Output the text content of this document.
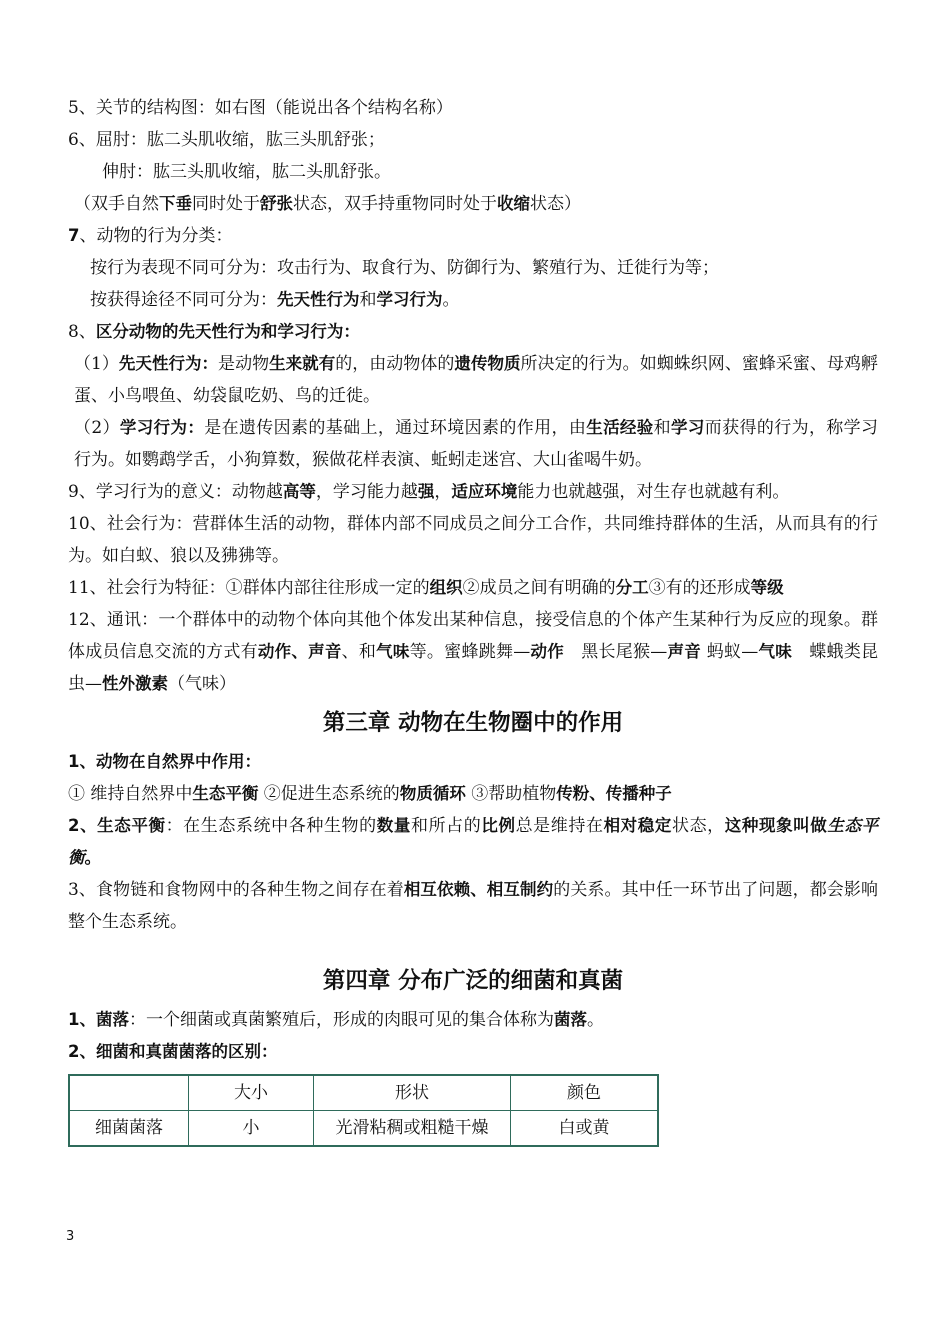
5、关节的结构图：如右图（能说出各个结构名称）
6、屈肘：肱二头肌收缩，肱三头肌舒张；
伸肘：肱三头肌收缩，肱二头肌舒张。
（双手自然下垂同时处于舒张状态，双手持重物同时处于收缩状态）
7、动物的行为分类：
按行为表现不同可分为：攻击行为、取食行为、防御行为、繁殖行为、迁徙行为等；
按获得途径不同可分为：先天性行为和学习行为。
8、区分动物的先天性行为和学习行为：
（1）先天性行为：是动物生来就有的，由动物体的遗传物质所决定的行为。如蜘蛛织网、蜜蜂采蜜、母鸡孵蛋、小鸟喂鱼、幼袋鼠吃奶、鸟的迁徙。
（2）学习行为：是在遗传因素的基础上，通过环境因素的作用，由生活经验和学习而获得的行为，称学习行为。如鹦鹉学舌，小狗算数，猴做花样表演、蚯蚓走迷宫、大山雀喝牛奶。
9、学习行为的意义：动物越高等，学习能力越强，适应环境能力也就越强，对生存也就越有利。
10、社会行为：营群体生活的动物，群体内部不同成员之间分工合作，共同维持群体的生活，从而具有的行为。如白蚁、狼以及狒狒等。
11、社会行为特征：①群体内部往往形成一定的组织②成员之间有明确的分工③有的还形成等级
12、通讯：一个群体中的动物个体向其他个体发出某种信息，接受信息的个体产生某种行为反应的现象。群体成员信息交流的方式有动作、声音、和气味等。蜜蜂跳舞—动作　黑长尾猴—声音 蚂蚁—气味　蝶蛾类昆虫—性外激素（气味）
第三章 动物在生物圈中的作用
1、动物在自然界中作用：
① 维持自然界中生态平衡 ②促进生态系统的物质循环 ③帮助植物传粉、传播种子
2、生态平衡：在生态系统中各种生物的数量和所占的比例总是维持在相对稳定状态，这种现象叫做生态平衡。
3、食物链和食物网中的各种生物之间存在着相互依赖、相互制约的关系。其中任一环节出了问题，都会影响整个生态系统。
第四章 分布广泛的细菌和真菌
1、菌落：一个细菌或真菌繁殖后，形成的肉眼可见的集合体称为菌落。
2、细菌和真菌菌落的区别：
	大小	形状	颜色
细菌菌落	小	光滑粘稠或粗糙干燥	白或黄
3
